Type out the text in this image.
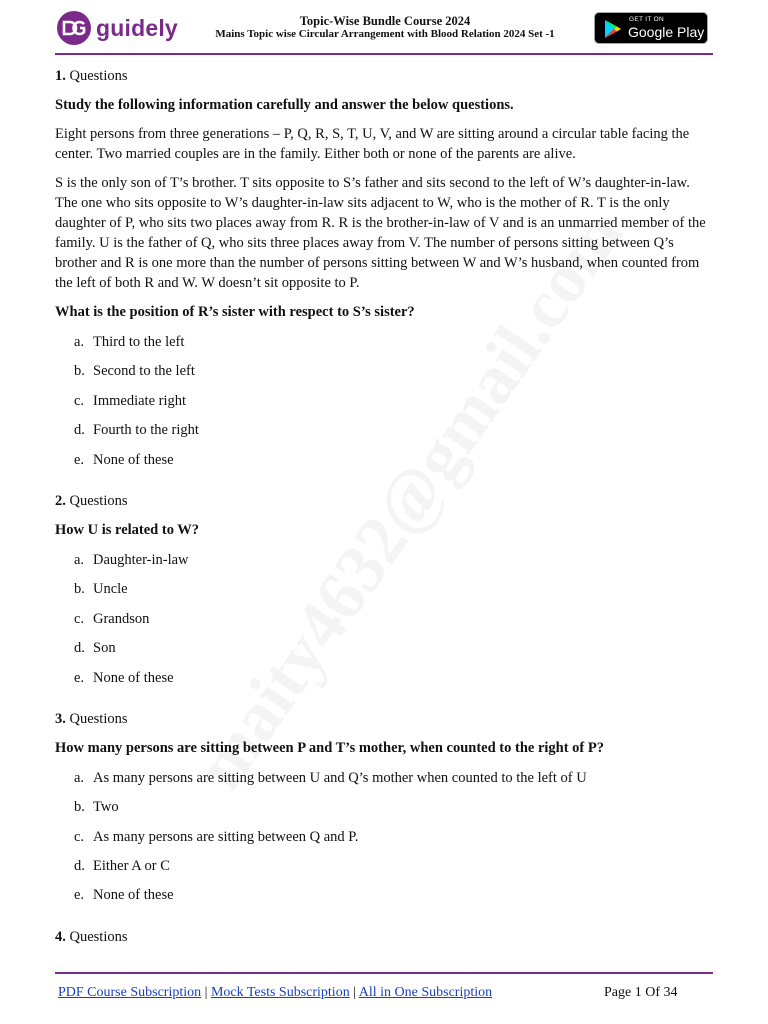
guidely	Topic-Wise Bundle Course 2024
Mains Topic wise Circular Arrangement with Blood Relation 2024 Set -1
GET IT ON
Google Play

1. Questions

Study the following information carefully and answer the below questions.

Eight persons from three generations – P, Q, R, S, T, U, V, and W are sitting around a circular table facing the center. Two married couples are in the family. Either both or none of the parents are alive.

S is the only son of T’s brother. T sits opposite to S’s father and sits second to the left of W’s daughter-in-law. The one who sits opposite to W’s daughter-in-law sits adjacent to W, who is the mother of R. T is the only daughter of P, who sits two places away from R. R is the brother-in-law of V and is an unmarried member of the family. U is the father of Q, who sits three places away from V. The number of persons sitting between Q’s brother and R is one more than the number of persons sitting between W and W’s husband, when counted from the left of both R and W. W doesn’t sit opposite to P.

What is the position of R’s sister with respect to S’s sister?

a. Third to the left
b. Second to the left
c. Immediate right
d. Fourth to the right
e. None of these

2. Questions

How U is related to W?

a. Daughter-in-law
b. Uncle
c. Grandson
d. Son
e. None of these

3. Questions

How many persons are sitting between P and T’s mother, when counted to the right of P?

a. As many persons are sitting between U and Q’s mother when counted to the left of U
b. Two
c. As many persons are sitting between Q and P.
d. Either A or C
e. None of these

4. Questions

PDF Course Subscription | Mock Tests Subscription | All in One Subscription	Page 1 Of 34
